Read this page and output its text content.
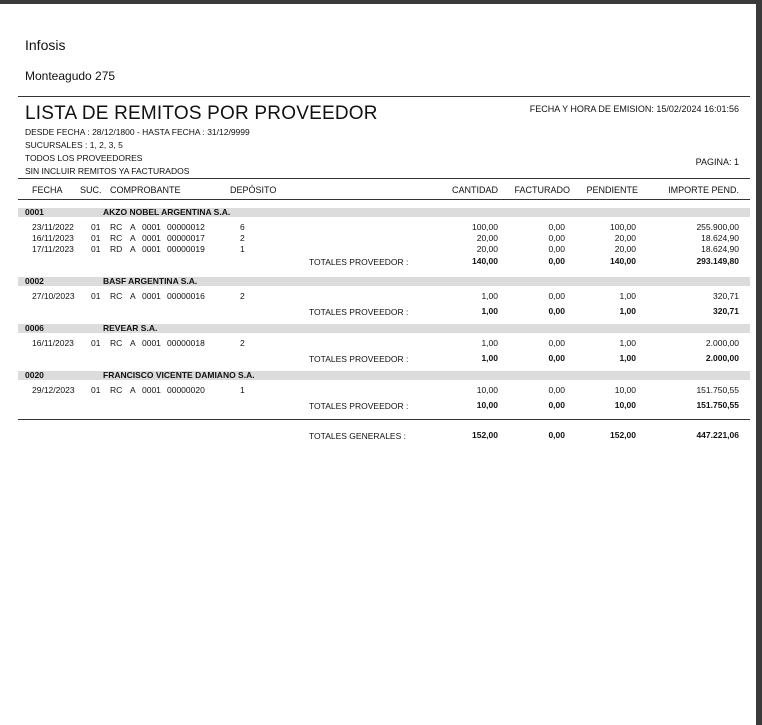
Infosis
Monteagudo 275
LISTA DE REMITOS POR PROVEEDOR	FECHA Y HORA DE EMISION: 15/02/2024 16:01:56
DESDE FECHA : 28/12/1800 - HASTA FECHA : 31/12/9999
SUCURSALES : 1, 2, 3, 5
TODOS LOS PROVEEDORES
SIN INCLUIR REMITOS YA FACTURADOS
PAGINA: 1
FECHA SUC. COMPROBANTE	DEPÓSITO	CANTIDAD FACTURADO PENDIENTE	IMPORTE PEND.
0001	AKZO NOBEL ARGENTINA S.A.
23/11/2022 01 RC A 0001 00000012	6	100,00	0,00	100,00	255.900,00
16/11/2023 01 RC A 0001 00000017	2	20,00	0,00	20,00	18.624,90
17/11/2023 01 RD A 0001 00000019	1	20,00	0,00	20,00	18.624,90
TOTALES PROVEEDOR :	140,00	0,00	140,00	293.149,80
0002	BASF ARGENTINA S.A.
27/10/2023 01 RC A 0001 00000016	2	1,00	0,00	1,00	320,71
TOTALES PROVEEDOR :	1,00	0,00	1,00	320,71
0006	REVEAR S.A.
16/11/2023 01 RC A 0001 00000018	2	1,00	0,00	1,00	2.000,00
TOTALES PROVEEDOR :	1,00	0,00	1,00	2.000,00
0020	FRANCISCO VICENTE DAMIANO S.A.
29/12/2023 01 RC A 0001 00000020	1	10,00	0,00	10,00	151.750,55
TOTALES PROVEEDOR :	10,00	0,00	10,00	151.750,55
TOTALES GENERALES :	152,00	0,00	152,00	447.221,06
